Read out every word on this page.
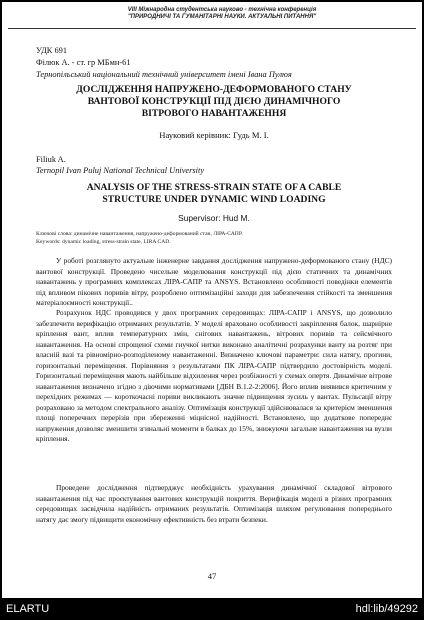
VIII Міжнародна студентська науково - технічна конференція
"ПРИРОДНИЧІ ТА ГУМАНІТАРНІ НАУКИ. АКТУАЛЬНІ ПИТАННЯ"
УДК 691
Філюк А. - ст. гр МБмн-61
Тернопільський національний технічний університет імені Івана Пулюя
ДОСЛІДЖЕННЯ НАПРУЖЕНО-ДЕФОРМОВАНОГО СТАНУ
ВАНТОВОЇ КОНСТРУКЦІЇ ПІД ДІЄЮ ДИНАМІЧНОГО
ВІТРОВОГО НАВАНТАЖЕННЯ
Науковий керівник: Гудь М. І.
Filiuk A.
Ternopil Ivan Puluj National Technical University
ANALYSIS OF THE STRESS-STRAIN STATE OF A CABLE
STRUCTURE UNDER DYNAMIC WIND LOADING
Supervisor: Hud M.
Ключові слова: динамічне навантаження, напружено-деформований стан, ЛІРА-САПР.
Keywords: dynamic loading, stress-strain state, LIRA CAD.

У роботі розглянуто актуальне інженерне завдання дослідження напружено-деформованого стану (НДС) вантової конструкції. Проведено чисельне моделювання конструкції під дією статичних та динамічних навантажень у програмних комплексах ЛІРА-САПР та ANSYS. Встановлено особливості поведінки елементів під впливом пікових поривів вітру, розроблено оптимізаційні заходи для забезпечення стійкості та зменшення матеріалоємності конструкції..

Розрахунок НДС проводився у двох програмних середовищах: ЛІРА-САПР і ANSYS, що дозволило забезпечити верифікацію отриманих результатів. У моделі враховано особливості закріплення балок, шарнірне кріплення вант, вплив температурних змін, снігових навантажень, вітрових поривів та сейсмічного навантаження. На основі спрощеної схеми гнучкої нитки виконано аналітичні розрахунки ванту на розтяг при власній вазі та рівномірно-розподіленому навантаженні. Визначено ключові параметри: сила натягу, прогини, горизонтальні переміщення. Порівняння з результатами ПК ЛІРА-САПР підтвердило достовірність моделі. Горизонтальні переміщення мають найбільше відхилення через розбіжності у схемах опертя. Динамічне вітрове навантаження визначено згідно з діючими нормативами [ДБН В.1.2-2:2006]. Його вплив виявився критичним у перехідних режимах — короткочасні пориви викликають значне підвищення зусиль у вантах. Пульсації вітру розраховано за методом спектрального аналізу. Оптимізація конструкції здійснювалася за критерієм зменшення площі поперечних перерізів при збереженні міцнісної надійності. Встановлено, що додаткове попереднє напруження дозволяє зменшити згинальні моменти в балках до 15%, знижуючи загальне навантаження на вузли кріплення.

Проведене дослідження підтверджує необхідність урахування динамічної складової вітрового навантаження під час проєктування вантових конструкцій покриття. Верифікація моделі в різних програмних середовищах засвідчила надійність отриманих результатів. Оптимізація шляхом регулювання попереднього натягу дає змогу підвищити економічну ефективність без втрати безпеки.

47
ELARTU	hdl:lib/49292
